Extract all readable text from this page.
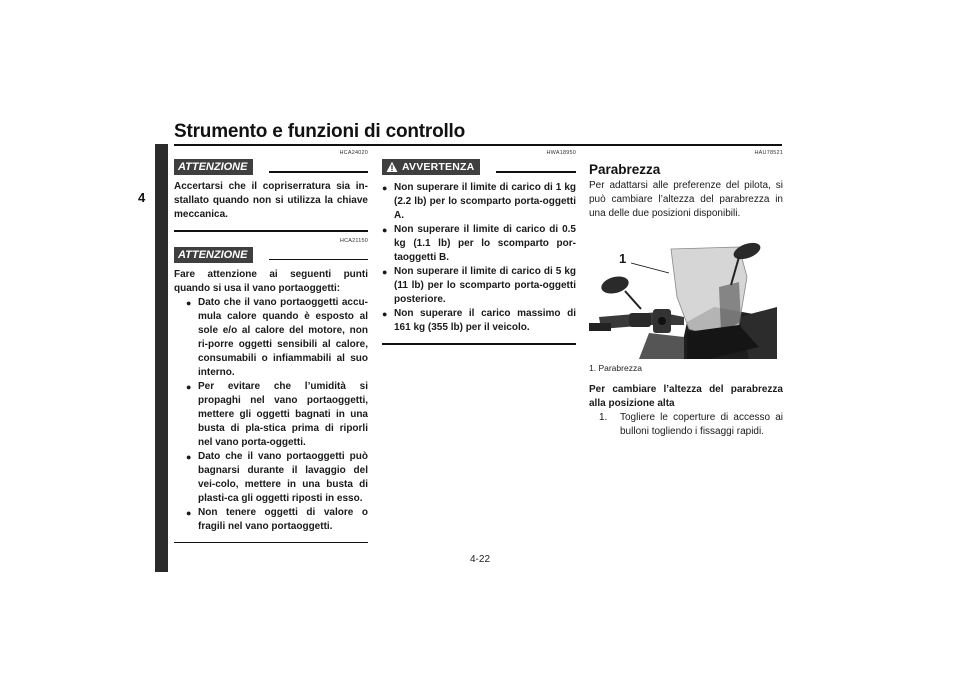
Strumento e funzioni di controllo
4
HCA24020
ATTENZIONE
Accertarsi che il copriserratura sia in-stallato quando non si utilizza la chiave meccanica.
HCA21150
ATTENZIONE
Fare attenzione ai seguenti punti quando si usa il vano portaoggetti:
● Dato che il vano portaoggetti accu-mula calore quando è esposto al sole e/o al calore del motore, non ri-porre oggetti sensibili al calore, consumabili o infiammabili al suo interno.
● Per evitare che l’umidità si propaghi nel vano portaoggetti, mettere gli oggetti bagnati in una busta di pla-stica prima di riporli nel vano porta-oggetti.
● Dato che il vano portaoggetti può bagnarsi durante il lavaggio del vei-colo, mettere in una busta di plasti-ca gli oggetti riposti in esso.
● Non tenere oggetti di valore o fragili nel vano portaoggetti.
HWA18950
AVVERTENZA
● Non superare il limite di carico di 1 kg (2.2 lb) per lo scomparto porta-oggetti A.
● Non superare il limite di carico di 0.5 kg (1.1 lb) per lo scomparto por-taoggetti B.
● Non superare il limite di carico di 5 kg (11 lb) per lo scomparto porta-oggetti posteriore.
● Non superare il carico massimo di 161 kg (355 lb) per il veicolo.
HAU78521
Parabrezza
Per adattarsi alle preferenze del pilota, si può cambiare l’altezza del parabrezza in una delle due posizioni disponibili.
1
1. Parabrezza
Per cambiare l’altezza del parabrezza alla posizione alta
1. Togliere le coperture di accesso ai bulloni togliendo i fissaggi rapidi.
4-22
